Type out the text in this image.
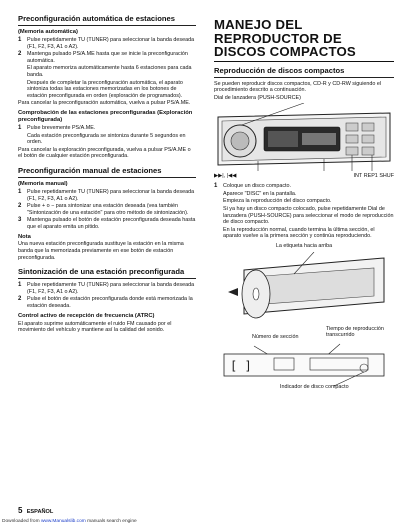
Preconfiguración automática de estaciones
(Memoria automática)
1	Pulse repetidamente TU (TUNER) para seleccionar la banda deseada (F1, F2, F3, A1 o A2).
2	Mantenga pulsado PS/A.ME hasta que se inicie la preconfiguración automática.
El aparato memoriza automáticamente hasta 6 estaciones para cada banda.
Después de completar la preconfiguración automática, el aparato sintoniza todas las estaciones memorizadas en los botones de estación preconfigurada en orden (exploración de programados).
Para cancelar la preconfiguración automática, vuelva a pulsar PS/A.ME.
Comprobación de las estaciones preconfiguradas (Exploración preconfigurada)
1	Pulse brevemente PS/A.ME.
Cada estación preconfigurada se sintoniza durante 5 segundos en orden.
Para cancelar la exploración preconfigurada, vuelva a pulsar PS/A.ME o el botón de cualquier estación preconfigurada.
Preconfiguración manual de estaciones
(Memoria manual)
1	Pulse repetidamente TU (TUNER) para seleccionar la banda deseada (F1, F2, F3, A1 o A2).
2	Pulse + o − para sintonizar una estación deseada (vea también "Sintonización de una estación" para otro método de sintonización).
3	Mantenga pulsado el botón de estación preconfigurada deseada hasta que el aparato emita un pitido.
Nota
Una nueva estación preconfigurada sustituye la estación en la misma banda que la memorizada previamente en ese botón de estación preconfigurada.
Sintonización de una estación preconfigurada
1	Pulse repetidamente TU (TUNER) para seleccionar la banda deseada (F1, F2, F3, A1 o A2).
2	Pulse el botón de estación preconfigurada donde está memorizada la estación deseada.
Control activo de recepción de frecuencia (ATRC)
El aparato suprime automáticamente el ruido FM causado por el movimiento del vehículo y mantiene así la calidad del sonido.
MANEJO DEL REPRODUCTOR DE DISCOS COMPACTOS
Reproducción de discos compactos
Se pueden reproducir discos compactos, CD-R y CD-RW siguiendo el procedimiento descrito a continuación.
Dial de lanzadera (PUSH-SOURCE)
▶▶|, |◀◀	INT REP1 SHUF
1	Coloque un disco compacto.
Aparece "DISC" en la pantalla.
Empieza la reproducción del disco compacto.
Si ya hay un disco compacto colocado, pulse repetidamente Dial de lanzadera (PUSH-SOURCE) para seleccionar el modo de reproducción de disco compacto.
En la reproducción normal, cuando termina la última sección, el aparato vuelve a la primera sección y continúa reproduciendo.
La etiqueta hacia arriba
[ ]
Número de sección
Tiempo de reproducción transcurrido
Indicador de disco compacto
5 ESPAÑOL
Downloaded from www.Manualslib.com manuals search engine
